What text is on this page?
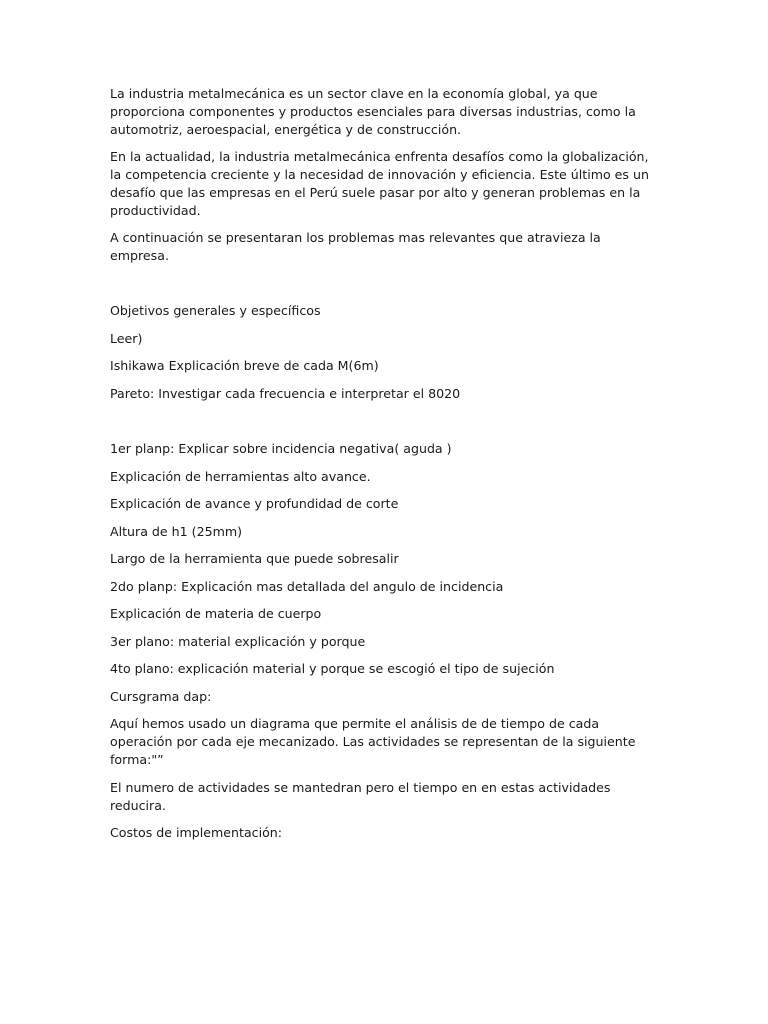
La industria metalmecánica es un sector clave en la economía global, ya que proporciona componentes y productos esenciales para diversas industrias, como la automotriz, aeroespacial, energética y de construcción.

En la actualidad, la industria metalmecánica enfrenta desafíos como la globalización, la competencia creciente y la necesidad de innovación y eficiencia. Este último es un desafío que las empresas en el Perú suele pasar por alto y generan problemas en la productividad.

A continuación se presentaran los problemas mas relevantes que atravieza la empresa.

Objetivos generales y específicos

Leer)

Ishikawa Explicación breve de cada M(6m)

Pareto: Investigar cada frecuencia e interpretar el 8020

1er planp: Explicar sobre incidencia negativa( aguda )

Explicación de herramientas alto avance.

Explicación de avance y profundidad de corte

Altura de h1 (25mm)

Largo de la herramienta que puede sobresalir

2do planp: Explicación mas detallada del angulo de incidencia

Explicación de materia de cuerpo

3er plano: material explicación y porque

4to plano: explicación material y porque se escogió el tipo de sujeción

Cursgrama dap:

Aquí hemos usado un diagrama que permite el análisis de de tiempo de cada operación por cada eje mecanizado. Las actividades se representan de la siguiente forma:"”

El numero de actividades se mantedran pero el tiempo en en estas actividades reducira.

Costos de implementación:
